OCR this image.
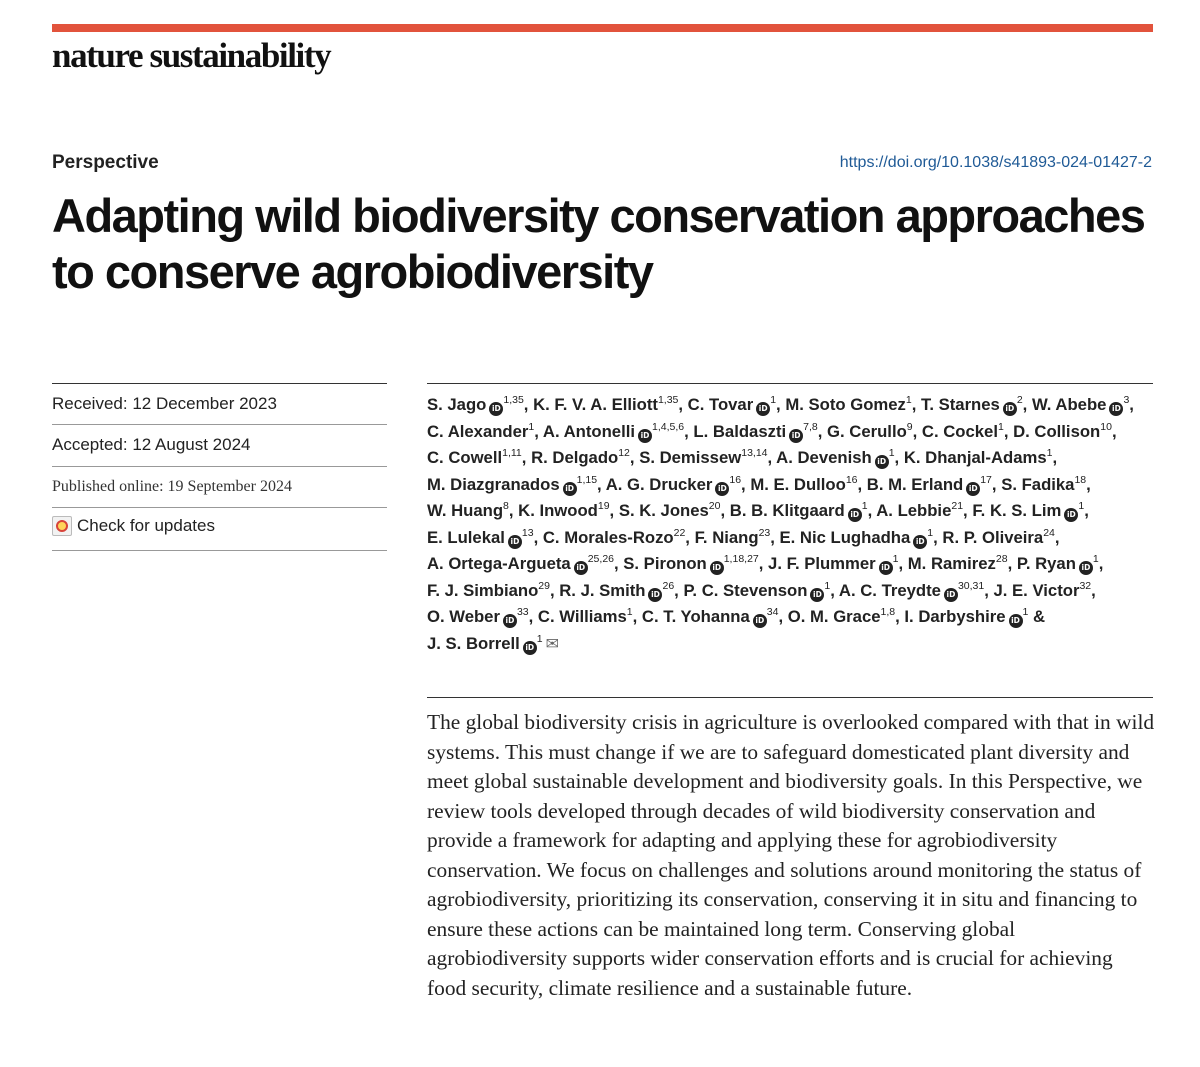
nature sustainability
Perspective	https://doi.org/10.1038/s41893-024-01427-2
Adapting wild biodiversity conservation approaches to conserve agrobiodiversity
Received: 12 December 2023
Accepted: 12 August 2024
Published online: 19 September 2024
Check for updates

S. Jago iD$^{1,35}$, K. F. V. A. Elliott$^{1,35}$, C. Tovar $iD^1$, M. Soto Gomez$^1$, T. Starnes $iD^2$, W. Abebe $iD^3$, C. Alexander$^1$, A. Antonelli iD$^{1,4,5,6}$, L. Baldaszti iD$^{7,8}$, G. Cerullo$^9$, C. Cockel$^1$, D. Collison$^{10}$, C. Cowell$^{1,11}$, R. Delgado$^{12}$, S. Demissew$^{13,14}$, A. Devenish $iD^1$, K. Dhanjal-Adams$^1$, M. Diazgranados iD$^{1,15}$, A. G. Drucker $iD^{16}$, M. E. Dulloo$^{16}$, B. M. Erland $iD^{17}$, S. Fadika$^{18}$, W. Huang$^8$, K. Inwood$^{19}$, S. K. Jones$^{20}$, B. B. Klitgaard $iD^1$, A. Lebbie$^{21}$, F. K. S. Lim $iD^1$, E. Lulekal $iD^{13}$, C. Morales-Rozo$^{22}$, F. Niang$^{23}$, E. Nic Lughadha $iD^1$, R. P. Oliveira$^{24}$, A. Ortega-Argueta iD$^{25,26}$, S. Pironon iD$^{1,18,27}$, J. F. Plummer $iD^1$, M. Ramirez$^{28}$, P. Ryan $iD^1$, F. J. Simbiano$^{29}$, R. J. Smith $iD^{26}$, P. C. Stevenson $iD^1$, A. C. Treydte iD$^{30,31}$, J. E. Victor$^{32}$, O. Weber $iD^{33}$, C. Williams$^1$, C. T. Yohanna $iD^{34}$, O. M. Grace$^{1,8}$, I. Darbyshire $iD^1$ & J. S. Borrell $iD^1$ ✉

The global biodiversity crisis in agriculture is overlooked compared with that in wild systems. This must change if we are to safeguard domesticated plant diversity and meet global sustainable development and biodiversity goals. In this Perspective, we review tools developed through decades of wild biodiversity conservation and provide a framework for adapting and applying these for agrobiodiversity conservation. We focus on challenges and solutions around monitoring the status of agrobiodiversity, prioritizing its conservation, conserving it in situ and financing to ensure these actions can be maintained long term. Conserving global agrobiodiversity supports wider conservation efforts and is crucial for achieving food security, climate resilience and a sustainable future.
